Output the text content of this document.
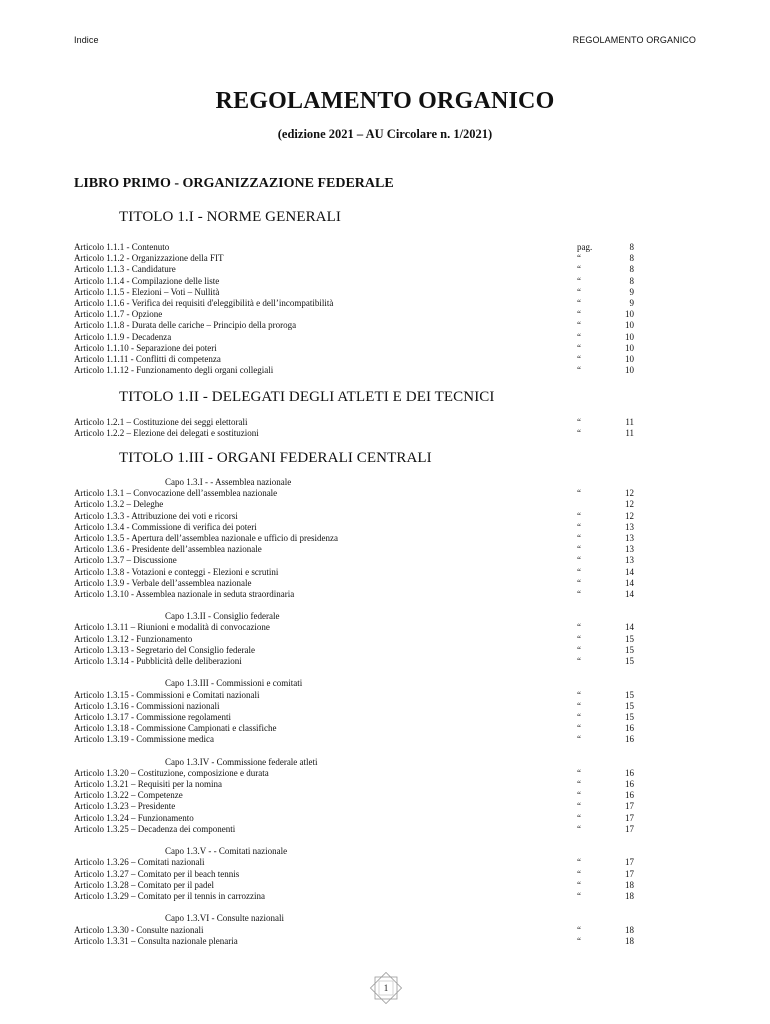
Indice	REGOLAMENTO ORGANICO
REGOLAMENTO ORGANICO
(edizione 2021 – AU Circolare n. 1/2021)
LIBRO PRIMO - ORGANIZZAZIONE FEDERALE
TITOLO 1.I - NORME GENERALI
Articolo 1.1.1 - Contenuto	pag.	8
Articolo 1.1.2 - Organizzazione della FIT	“	8
Articolo 1.1.3 - Candidature	“	8
Articolo 1.1.4 - Compilazione delle liste	“	8
Articolo 1.1.5 - Elezioni – Voti – Nullità	“	9
Articolo 1.1.6 - Verifica dei requisiti d'eleggibilità e dell’incompatibilità	“	9
Articolo 1.1.7 - Opzione	“	10
Articolo 1.1.8 - Durata delle cariche – Principio della proroga	“	10
Articolo 1.1.9 - Decadenza	“	10
Articolo 1.1.10 - Separazione dei poteri	“	10
Articolo 1.1.11 - Conflitti di competenza	“	10
Articolo 1.1.12 - Funzionamento degli organi collegiali	“	10
TITOLO 1.II - DELEGATI DEGLI ATLETI E DEI TECNICI
Articolo 1.2.1 – Costituzione dei seggi elettorali	“	11
Articolo 1.2.2 – Elezione dei delegati e sostituzioni	“	11
TITOLO 1.III - ORGANI FEDERALI CENTRALI
Capo 1.3.I - - Assemblea nazionale
Articolo 1.3.1 – Convocazione dell’assemblea nazionale	“	12
Articolo 1.3.2 – Deleghe	12
Articolo 1.3.3 - Attribuzione dei voti e ricorsi	“	12
Articolo 1.3.4 - Commissione di verifica dei poteri	“	13
Articolo 1.3.5 - Apertura dell’assemblea nazionale e ufficio di presidenza	“	13
Articolo 1.3.6 - Presidente dell’assemblea nazionale	“	13
Articolo 1.3.7 – Discussione	“	13
Articolo 1.3.8 - Votazioni e conteggi - Elezioni e scrutini	“	14
Articolo 1.3.9 - Verbale dell’assemblea nazionale	“	14
Articolo 1.3.10 - Assemblea nazionale in seduta straordinaria	“	14
Capo 1.3.II - Consiglio federale
Articolo 1.3.11 – Riunioni e modalità di convocazione	“	14
Articolo 1.3.12 - Funzionamento	“	15
Articolo 1.3.13 - Segretario del Consiglio federale	“	15
Articolo 1.3.14 - Pubblicità delle deliberazioni	“	15
Capo 1.3.III - Commissioni e comitati
Articolo 1.3.15 - Commissioni e Comitati nazionali	“	15
Articolo 1.3.16 - Commissioni nazionali	“	15
Articolo 1.3.17 - Commissione regolamenti	“	15
Articolo 1.3.18 - Commissione Campionati e classifiche	“	16
Articolo 1.3.19 - Commissione medica	“	16
Capo 1.3.IV - Commissione federale atleti
Articolo 1.3.20 – Costituzione, composizione e durata	“	16
Articolo 1.3.21 – Requisiti per la nomina	“	16
Articolo 1.3.22 – Competenze	“	16
Articolo 1.3.23 – Presidente	“	17
Articolo 1.3.24 – Funzionamento	“	17
Articolo 1.3.25 – Decadenza dei componenti	“	17
Capo 1.3.V - - Comitati nazionale
Articolo 1.3.26 – Comitati nazionali	“	17
Articolo 1.3.27 – Comitato per il beach tennis	“	17
Articolo 1.3.28 – Comitato per il padel	“	18
Articolo 1.3.29 – Comitato per il tennis in carrozzina	“	18
Capo 1.3.VI - Consulte nazionali
Articolo 1.3.30 - Consulte nazionali	“	18
Articolo 1.3.31 – Consulta nazionale plenaria	“	18
1
